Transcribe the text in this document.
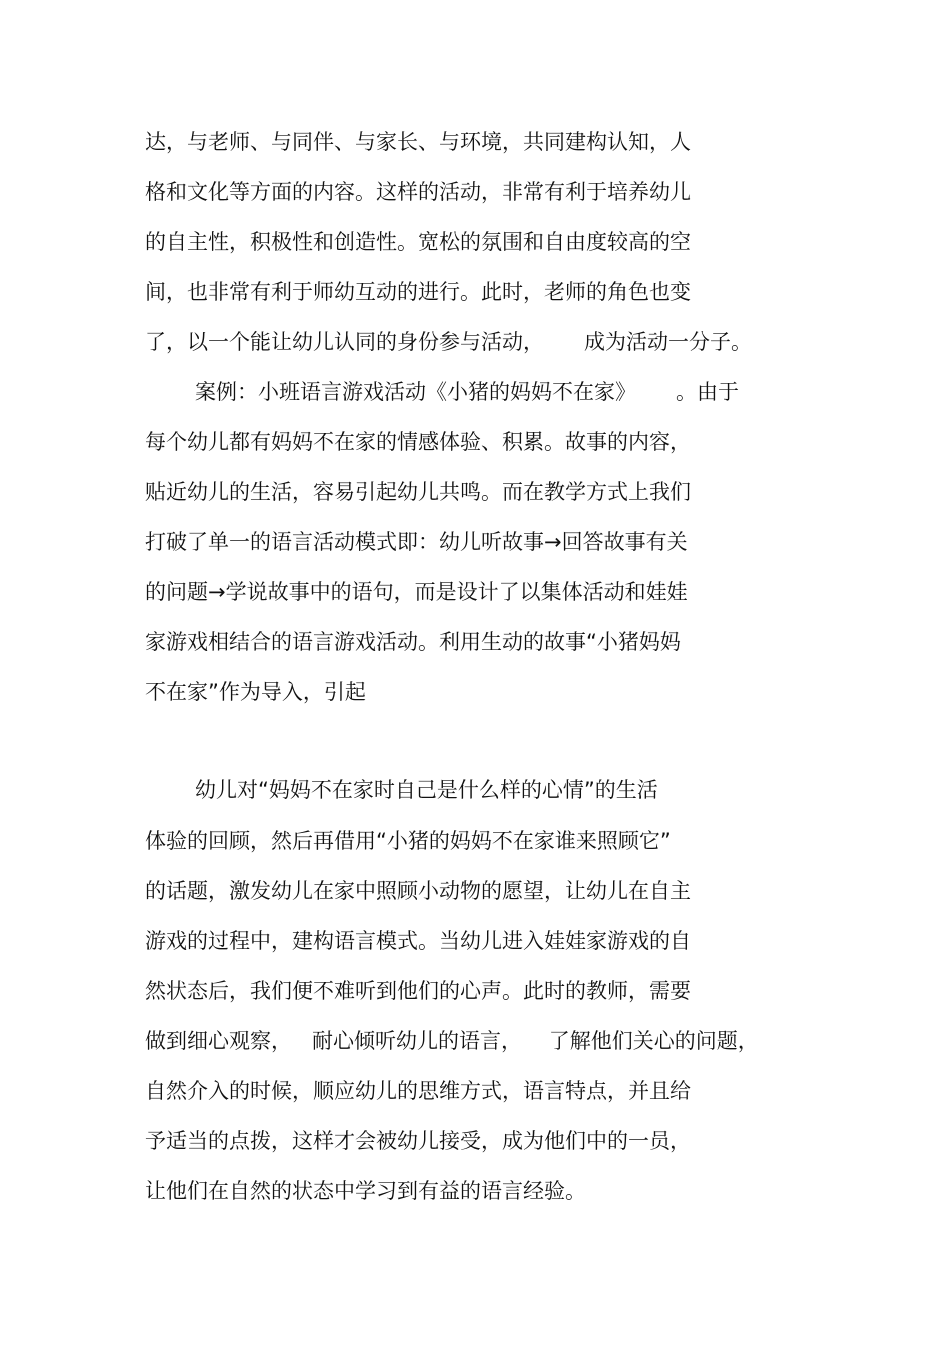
达，与老师、与同伴、与家长、与环境，共同建构认知，人
格和文化等方面的内容。这样的活动，非常有利于培养幼儿
的自主性，积极性和创造性。宽松的氛围和自由度较高的空
间，也非常有利于师幼互动的进行。此时，老师的角色也变
了，以一个能让幼儿认同的身份参与活动，      成为活动一分子。
案例：小班语言游戏活动《小猪的妈妈不在家》      。由于
每个幼儿都有妈妈不在家的情感体验、积累。故事的内容，
贴近幼儿的生活，容易引起幼儿共鸣。而在教学方式上我们
打破了单一的语言活动模式即：幼儿听故事→回答故事有关
的问题→学说故事中的语句，而是设计了以集体活动和娃娃
家游戏相结合的语言游戏活动。利用生动的故事“小猪妈妈
不在家”作为导入，引起
幼儿对“妈妈不在家时自己是什么样的心情”的生活
体验的回顾，然后再借用“小猪的妈妈不在家谁来照顾它”
的话题，激发幼儿在家中照顾小动物的愿望，让幼儿在自主
游戏的过程中，建构语言模式。当幼儿进入娃娃家游戏的自
然状态后，我们便不难听到他们的心声。此时的教师，需要
做到细心观察，   耐心倾听幼儿的语言，    了解他们关心的问题，
自然介入的时候，顺应幼儿的思维方式，语言特点，并且给
予适当的点拨，这样才会被幼儿接受，成为他们中的一员，
让他们在自然的状态中学习到有益的语言经验。
